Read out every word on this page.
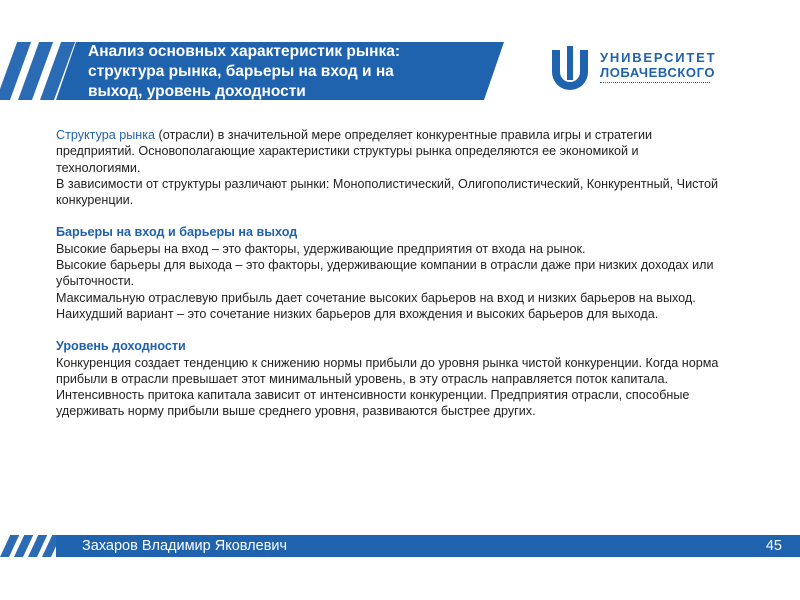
Анализ основных характеристик рынка:
структура рынка, барьеры на вход и на
выход, уровень доходности
УНИВЕРСИТЕТ
ЛОБАЧЕВСКОГО

Структура рынка (отрасли) в значительной мере определяет конкурентные правила игры и стратегии предприятий. Основополагающие характеристики структуры рынка определяются ее экономикой и технологиями.

В зависимости от структуры различают рынки: Монополистический, Олигополистический, Конкурентный, Чистой конкуренции.

Барьеры на вход и барьеры на выход

Высокие барьеры на вход – это факторы, удерживающие предприятия от входа на рынок.

Высокие барьеры для выхода – это факторы, удерживающие компании в отрасли даже при низких доходах или убыточности.

Максимальную отраслевую прибыль дает сочетание высоких барьеров на вход и низких барьеров на выход. Наихудший вариант – это сочетание низких барьеров для вхождения и высоких барьеров для выхода.

Уровень доходности

Конкуренция создает тенденцию к снижению нормы прибыли до уровня рынка чистой конкуренции. Когда норма прибыли в отрасли превышает этот минимальный уровень, в эту отрасль направляется поток капитала.

Интенсивность притока капитала зависит от интенсивности конкуренции. Предприятия отрасли, способные удерживать норму прибыли выше среднего уровня, развиваются быстрее других.

Захаров Владимир Яковлевич	45
